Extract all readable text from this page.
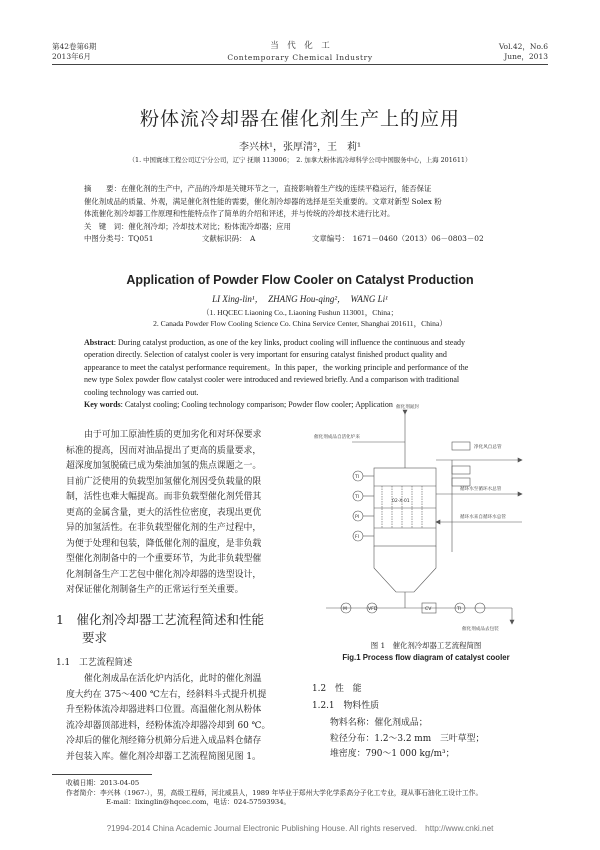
第42卷第6期
2013年6月
当　代　化　工
Contemporary Chemical Industry
Vol.42，No.6
June，2013
粉体流冷却器在催化剂生产上的应用
李兴林¹，张厚清²，王　莉¹
（1. 中国寰球工程公司辽宁分公司，辽宁 抚顺 113006；　2. 加拿大粉体流冷却科学公司中国服务中心，上海 201611）
摘　　要：在催化剂的生产中，产品的冷却是关键环节之一，直接影响着生产线的连续平稳运行，能否保证
催化剂成品的质量、外观，满足催化剂性能的需要，催化剂冷却器的选择是至关重要的。文章对新型 Solex 粉
体流催化剂冷却器工作原理和性能特点作了简单的介绍和评述，并与传统的冷却技术进行比对。
关　键　词：催化剂冷却；冷却技术对比；粉体流冷却器；应用
中图分类号：TQ051	文献标识码：　A	文章编号：　1671－0460（2013）06－0803－02
Application of Powder Flow Cooler on Catalyst Production
LI Xing-lin¹，　ZHANG Hou-qing²，　WANG Li¹
（1. HQCEC Liaoning Co., Liaoning Fushun 113001，China；
2. Canada Powder Flow Cooling Science Co. China Service Center, Shanghai 201611，China）
Abstract: During catalyst production, as one of the key links, product cooling will influence the continuous and steady
operation directly. Selection of catalyst cooler is very important for ensuring catalyst finished product quality and
appearance to meet the catalyst performance requirement。In this paper，the working principle and performance of the
new type Solex powder flow catalyst cooler were introduced and reviewed briefly. And a comparison with traditional
cooling technology was carried out.
Key words: Catalyst cooling; Cooling technology comparison; Powder flow cooler; Application
由于可加工原油性质的更加劣化和对环保要求
标准的提高，因而对油品提出了更高的质量要求，
超深度加氢脱硫已成为柴油加氢的焦点课题之一。
目前广泛使用的负载型加氢催化剂因受负载量的限
制，活性也难大幅提高。而非负载型催化剂凭借其
更高的金属含量，更大的活性位密度，表现出更优
异的加氢活性。在非负载型催化剂的生产过程中，
为便于处理和包装，降低催化剂的温度，是非负载
型催化剂制备中的一个重要环节，为此非负载型催
化剂制备生产工艺包中催化剂冷却器的选型设计，
对保证催化剂制备生产的正常运行至关重要。
1　 催化剂冷却器工艺流程简述和性能
要求
1.1　工艺流程简述
催化剂成品在活化炉内活化，此时的催化剂温
度大约在 375～400 ℃左右，经斜料斗式提升机提
升至粉体流冷却器进料口位置。高温催化剂从粉体
流冷却器顶部进料，经粉体流冷却器冷却到 60 ℃。
冷却后的催化剂经筛分机筛分后进入成品料仓储存
并包装入库。催化剂冷却器工艺流程简图见图 1。
催化剂氮封
催化剂成品自活化炉来
净化风自总管
循环水至循环水总管
循环水来自循环水总管
02-X-01
催化剂成品去包装
TI
TI
PI
FI
M	VFD	CV	TI
图 1　催化剂冷却器工艺流程简图
Fig.1 Process flow diagram of catalyst cooler
1.2　性　能
1.2.1　物料性质
物料名称：催化剂成品；
粒径分布：1.2～3.2 mm　三叶草型；
堆密度：790～1 000 kg/m³；
收稿日期：2013-04-05
作者简介：李兴林（1967-），男，高级工程师，河北威县人，1989 年毕业于郑州大学化学系高分子化工专业，现从事石油化工设计工作。
E-mail：lixinglin@hqcec.com，电话：024-57593934。
?1994-2014 China Academic Journal Electronic Publishing House. All rights reserved.　http://www.cnki.net
